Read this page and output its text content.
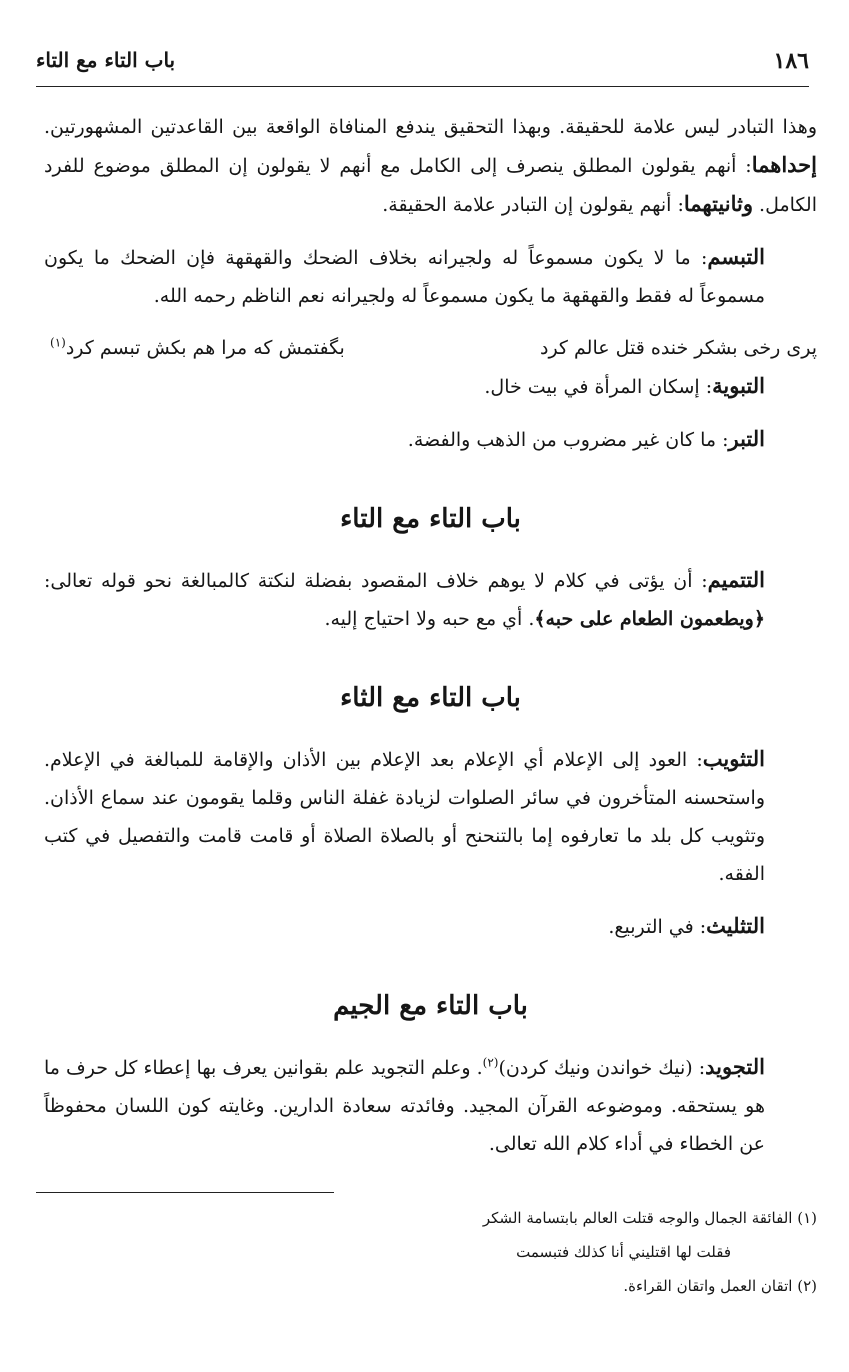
١٨٦
باب التاء مع التاء

وهذا التبادر ليس علامة للحقيقة. وبهذا التحقيق يندفع المنافاة الواقعة بين القاعدتين المشهورتين. إحداهما: أنهم يقولون المطلق ينصرف إلى الكامل مع أنهم لا يقولون إن المطلق موضوع للفرد الكامل. وثانيتهما: أنهم يقولون إن التبادر علامة الحقيقة.

التبسم: ما لا يكون مسموعاً له ولجيرانه بخلاف الضحك والقهقهة فإن الضحك ما يكون مسموعاً له فقط والقهقهة ما يكون مسموعاً له ولجيرانه نعم الناظم رحمه الله.

پرى رخى بشكر خنده قتل عالم كرد
بگفتمش كه مرا هم بكش تبسم كرد$^{(١)}$

التبوية: إسكان المرأة في بيت خال.

التبر: ما كان غير مضروب من الذهب والفضة.

باب التاء مع التاء

التتميم: أن يؤتى في كلام لا يوهم خلاف المقصود بفضلة لنكتة كالمبالغة نحو قوله تعالى: ﴿ويطعمون الطعام على حبه﴾. أي مع حبه ولا احتياج إليه.

باب التاء مع الثاء

التثويب: العود إلى الإعلام أي الإعلام بعد الإعلام بين الأذان والإقامة للمبالغة في الإعلام. واستحسنه المتأخرون في سائر الصلوات لزيادة غفلة الناس وقلما يقومون عند سماع الأذان. وتثويب كل بلد ما تعارفوه إما بالتنحنح أو بالصلاة الصلاة أو قامت قامت والتفصيل في كتب الفقه.

التثليث: في التربيع.

باب التاء مع الجيم

التجويد: (نيك خواندن ونيك كردن)$^{(٢)}$. وعلم التجويد علم بقوانين يعرف بها إعطاء كل حرف ما هو يستحقه. وموضوعه القرآن المجيد. وفائدته سعادة الدارين. وغايته كون اللسان محفوظاً عن الخطاء في أداء كلام الله تعالى.

(١) الفائقة الجمال والوجه قتلت العالم بابتسامة الشكر
فقلت لها اقتليني أنا كذلك فتبسمت
(٢) اتقان العمل واتقان القراءة.
